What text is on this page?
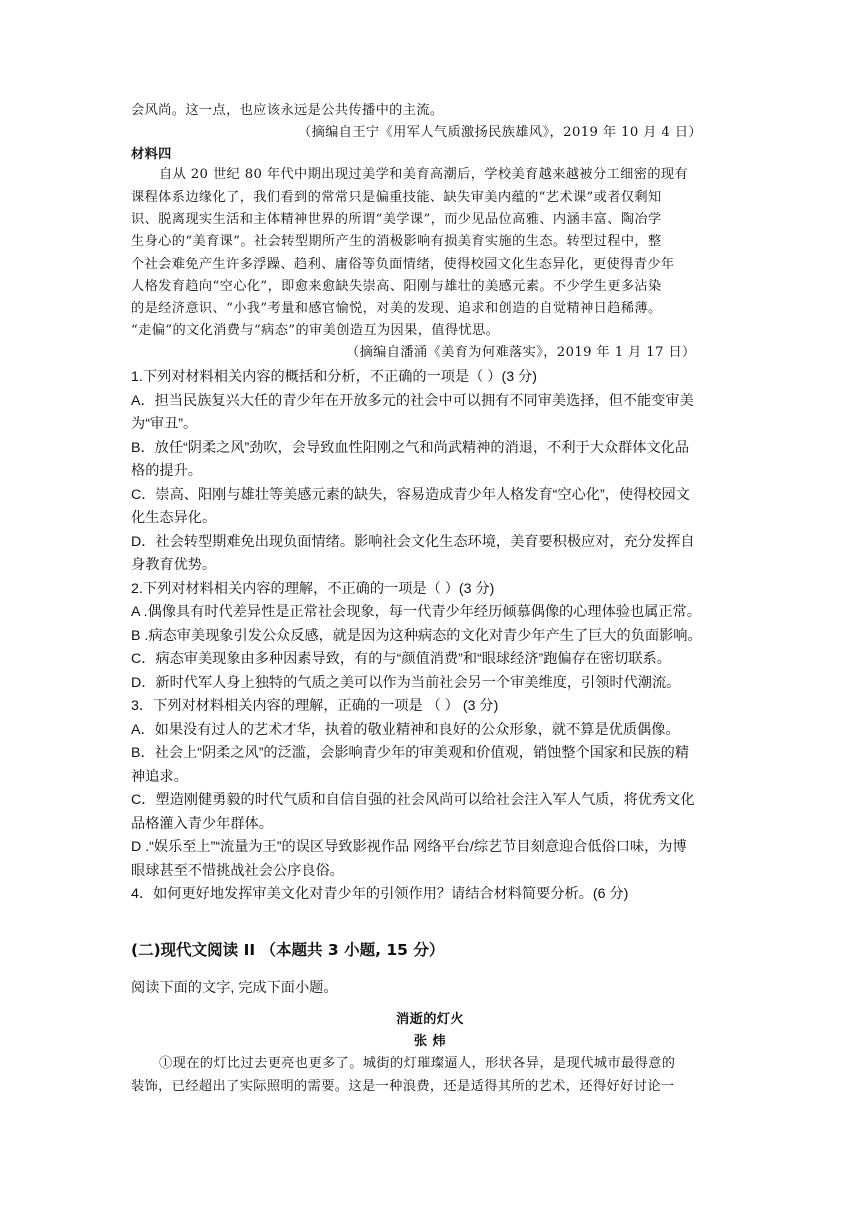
会风尚。这一点，也应该永远是公共传播中的主流。
（摘编自王宁《用军人气质激扬民族雄风》，2019 年 10 月 4 日）
材料四
自从 20 世纪 80 年代中期出现过美学和美育高潮后，学校美育越来越被分工细密的现有
课程体系边缘化了，我们看到的常常只是偏重技能、缺失审美内蕴的“艺术课”或者仅剩知
识、脱离现实生活和主体精神世界的所谓“美学课”，而少见品位高雅、内涵丰富、陶冶学
生身心的“美育课”。社会转型期所产生的消极影响有损美育实施的生态。转型过程中，整
个社会难免产生许多浮躁、趋利、庸俗等负面情绪，使得校园文化生态异化，更使得青少年
人格发育趋向“空心化”，即愈来愈缺失崇高、阳刚与雄壮的美感元素。不少学生更多沾染
的是经济意识、“小我”考量和感官愉悦，对美的发现、追求和创造的自觉精神日趋稀薄。
“走偏”的文化消费与“病态”的审美创造互为因果，值得忧思。
（摘编自潘涌《美育为何难落实》，2019 年 1 月 17 日）
1.下列对材料相关内容的概括和分析，不正确的一项是（ ）(3 分)
A．担当民族复兴大任的青少年在开放多元的社会中可以拥有不同审美选择，但不能变审美
为“审丑”。
B．放任“阴柔之风”劲吹，会导致血性阳刚之气和尚武精神的消退，不利于大众群体文化品
格的提升。
C．崇高、阳刚与雄壮等美感元素的缺失，容易造成青少年人格发育“空心化”，使得校园文
化生态异化。
D．社会转型期难免出现负面情绪。影响社会文化生态环境，美育要积极应对，充分发挥自
身教育优势。
2.下列对材料相关内容的理解，不正确的一项是（ ）(3 分)
A .偶像具有时代差异性是正常社会现象，每一代青少年经历倾慕偶像的心理体验也属正常。
B .病态审美现象引发公众反感，就是因为这种病态的文化对青少年产生了巨大的负面影响。
C．病态审美现象由多种因素导致，有的与“颜值消费”和“眼球经济”跑偏存在密切联系。
D．新时代军人身上独特的气质之美可以作为当前社会另一个审美维度，引领时代潮流。
3．下列对材料相关内容的理解，正确的一项是 （ ） (3 分)
A．如果没有过人的艺术才华，执着的敬业精神和良好的公众形象，就不算是优质偶像。
B．社会上“阴柔之风”的泛滥，会影响青少年的审美观和价值观，销蚀整个国家和民族的精
神追求。
C．塑造刚健勇毅的时代气质和自信自强的社会风尚可以给社会注入军人气质，将优秀文化
品格灌入青少年群体。
D .“娱乐至上”“流量为王”的误区导致影视作品 网络平台/综艺节目刻意迎合低俗口味，为博
眼球甚至不惜挑战社会公序良俗。
4．如何更好地发挥审美文化对青少年的引领作用？请结合材料简要分析。(6 分)
(二)现代文阅读 II （本题共 3 小题, 15 分）
阅读下面的文字, 完成下面小题。
消逝的灯火
张 炜
①现在的灯比过去更亮也更多了。城街的灯璀璨逼人，形状各异，是现代城市最得意的
装饰，已经超出了实际照明的需要。这是一种浪费，还是适得其所的艺术，还得好好讨论一
